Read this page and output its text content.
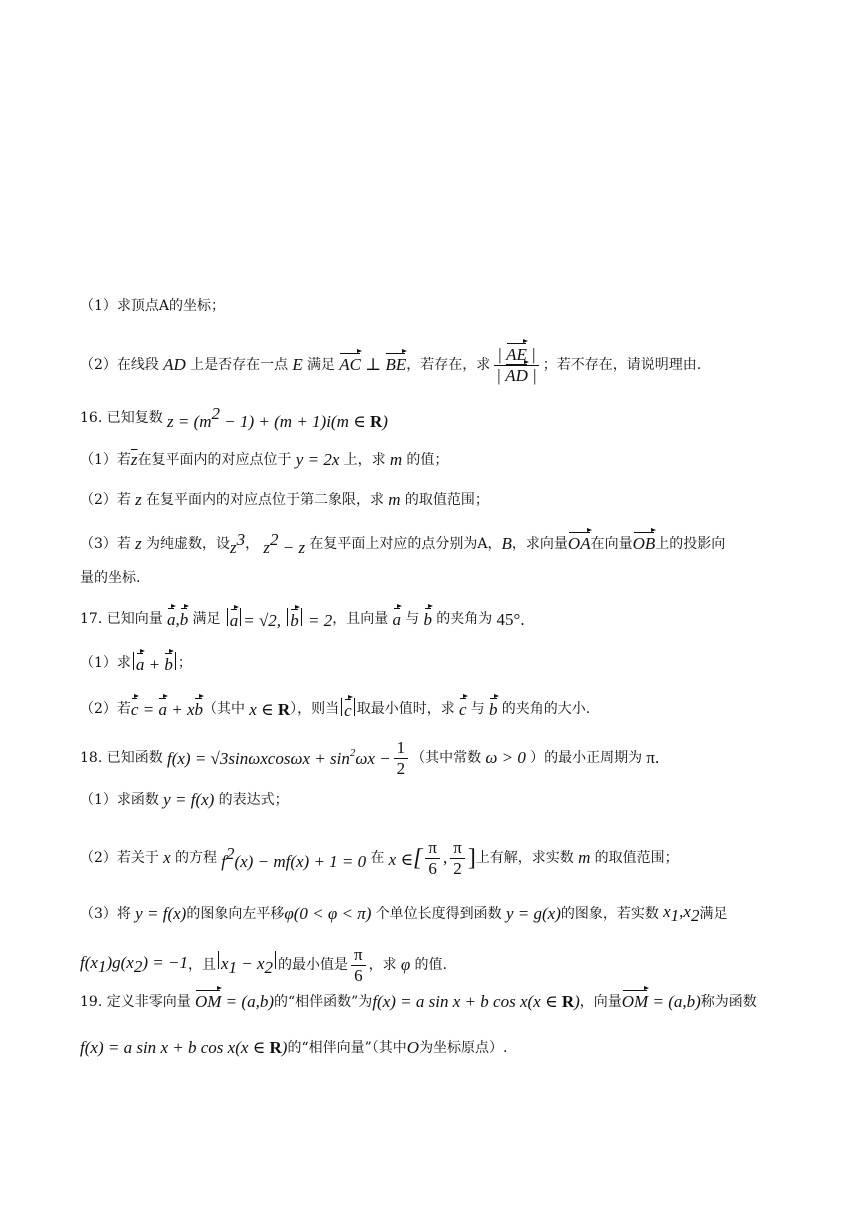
（1）求顶点A的坐标；
（2）在线段 AD 上是否存在一点 E 满足 AC ⊥ BE ，若存在，求 $\frac{| AE |}{| AD |}$ ；若不存在，请说明理由.
16. 已知复数 $z = (m^2 - 1) + (m + 1)i(m$ ∈ R)
（1）若 $\overline{z}$ 在复平面内的对应点位于 y = 2x 上，求 m 的值；
（2）若 z 在复平面内的对应点位于第二象限，求 m 的取值范围；
（3）若 z 为纯虚数，设 $z^3$ ， $z^2 - z$ 在复平面上对应的点分别为A， B ，求向量 OA 在向量 OB 上的投影向
量的坐标.
17. 已知向量 a,b 满足 a = √2, b = 2 ，且向量 a 与 b 的夹角为 45°.
（1）求 a + b ；
（2）若 c = a + xb （其中 x ∈ R ），则当 c 取最小值时，求 c 与 b 的夹角的大小.
18. 已知函数 $f(x) = √3\sin\omega xcos\omega x + \sin^2\omega x - \frac{1}{2}$ （其中常数 ω > 0 ）的最小正周期为 π.
（1）求函数 y = f(x) 的表达式；
（2）若关于 x 的方程 $f^2(x) - mf(x) + 1 = 0$ 在 x ∈[ $\frac{\pi}{6}$ , $\frac{\pi}{2}$ ] 上有解，求实数 m 的取值范围；
（3）将 y = f(x) 的图象向左平移 φ(0 < φ < π) 个单位长度得到函数 y = g(x) 的图象，若实数 $x_1,x_2$ 满足
$f(x_1)g(x_2) = -1$ ，且 $x_1 - x_2$ 的最小值是 $\frac{\pi}{6}$ ，求 φ 的值.
19. 定义非零向量 OM = (a,b) 的“相伴函数”为 f(x) = a sin x + b cos x(x ∈ R) ，向量 OM = (a,b) 称为函数
f(x) = a sin x + b cos x(x ∈ R) 的“相伴向量”（其中 O 为坐标原点）.
